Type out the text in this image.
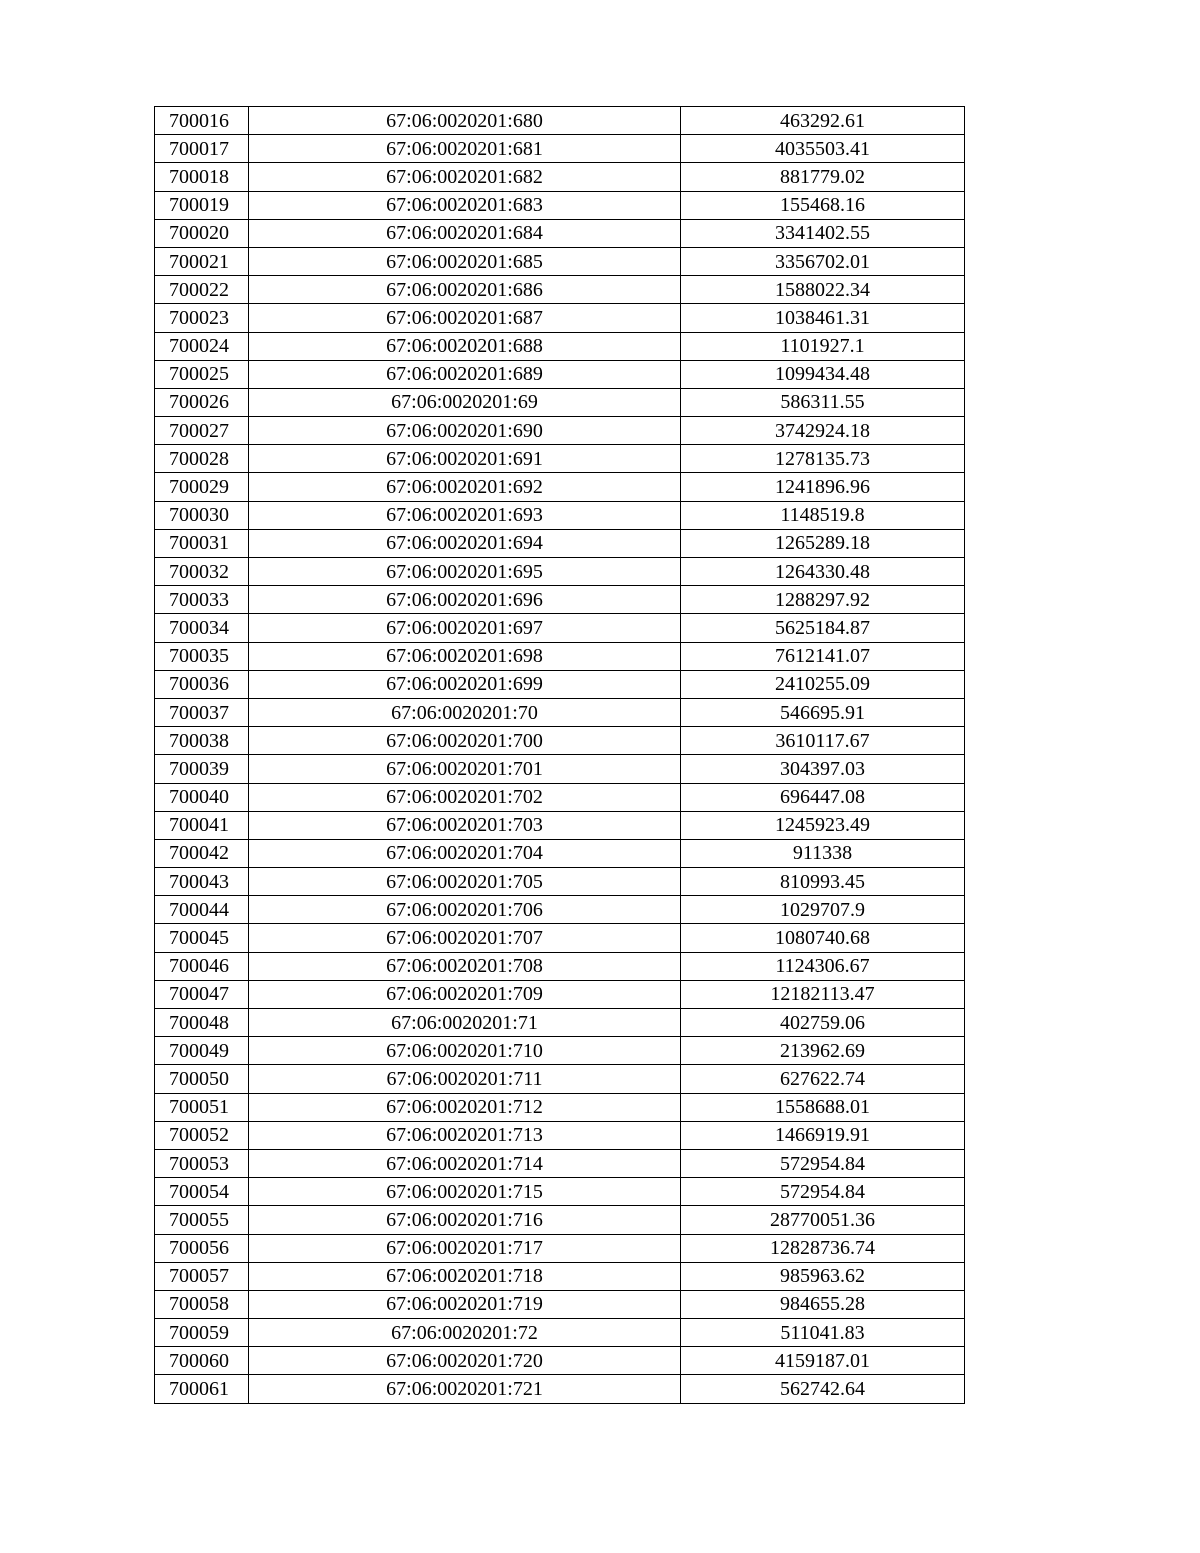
700016	67:06:0020201:680	463292.61
700017	67:06:0020201:681	4035503.41
700018	67:06:0020201:682	881779.02
700019	67:06:0020201:683	155468.16
700020	67:06:0020201:684	3341402.55
700021	67:06:0020201:685	3356702.01
700022	67:06:0020201:686	1588022.34
700023	67:06:0020201:687	1038461.31
700024	67:06:0020201:688	1101927.1
700025	67:06:0020201:689	1099434.48
700026	67:06:0020201:69	586311.55
700027	67:06:0020201:690	3742924.18
700028	67:06:0020201:691	1278135.73
700029	67:06:0020201:692	1241896.96
700030	67:06:0020201:693	1148519.8
700031	67:06:0020201:694	1265289.18
700032	67:06:0020201:695	1264330.48
700033	67:06:0020201:696	1288297.92
700034	67:06:0020201:697	5625184.87
700035	67:06:0020201:698	7612141.07
700036	67:06:0020201:699	2410255.09
700037	67:06:0020201:70	546695.91
700038	67:06:0020201:700	3610117.67
700039	67:06:0020201:701	304397.03
700040	67:06:0020201:702	696447.08
700041	67:06:0020201:703	1245923.49
700042	67:06:0020201:704	911338
700043	67:06:0020201:705	810993.45
700044	67:06:0020201:706	1029707.9
700045	67:06:0020201:707	1080740.68
700046	67:06:0020201:708	1124306.67
700047	67:06:0020201:709	12182113.47
700048	67:06:0020201:71	402759.06
700049	67:06:0020201:710	213962.69
700050	67:06:0020201:711	627622.74
700051	67:06:0020201:712	1558688.01
700052	67:06:0020201:713	1466919.91
700053	67:06:0020201:714	572954.84
700054	67:06:0020201:715	572954.84
700055	67:06:0020201:716	28770051.36
700056	67:06:0020201:717	12828736.74
700057	67:06:0020201:718	985963.62
700058	67:06:0020201:719	984655.28
700059	67:06:0020201:72	511041.83
700060	67:06:0020201:720	4159187.01
700061	67:06:0020201:721	562742.64
